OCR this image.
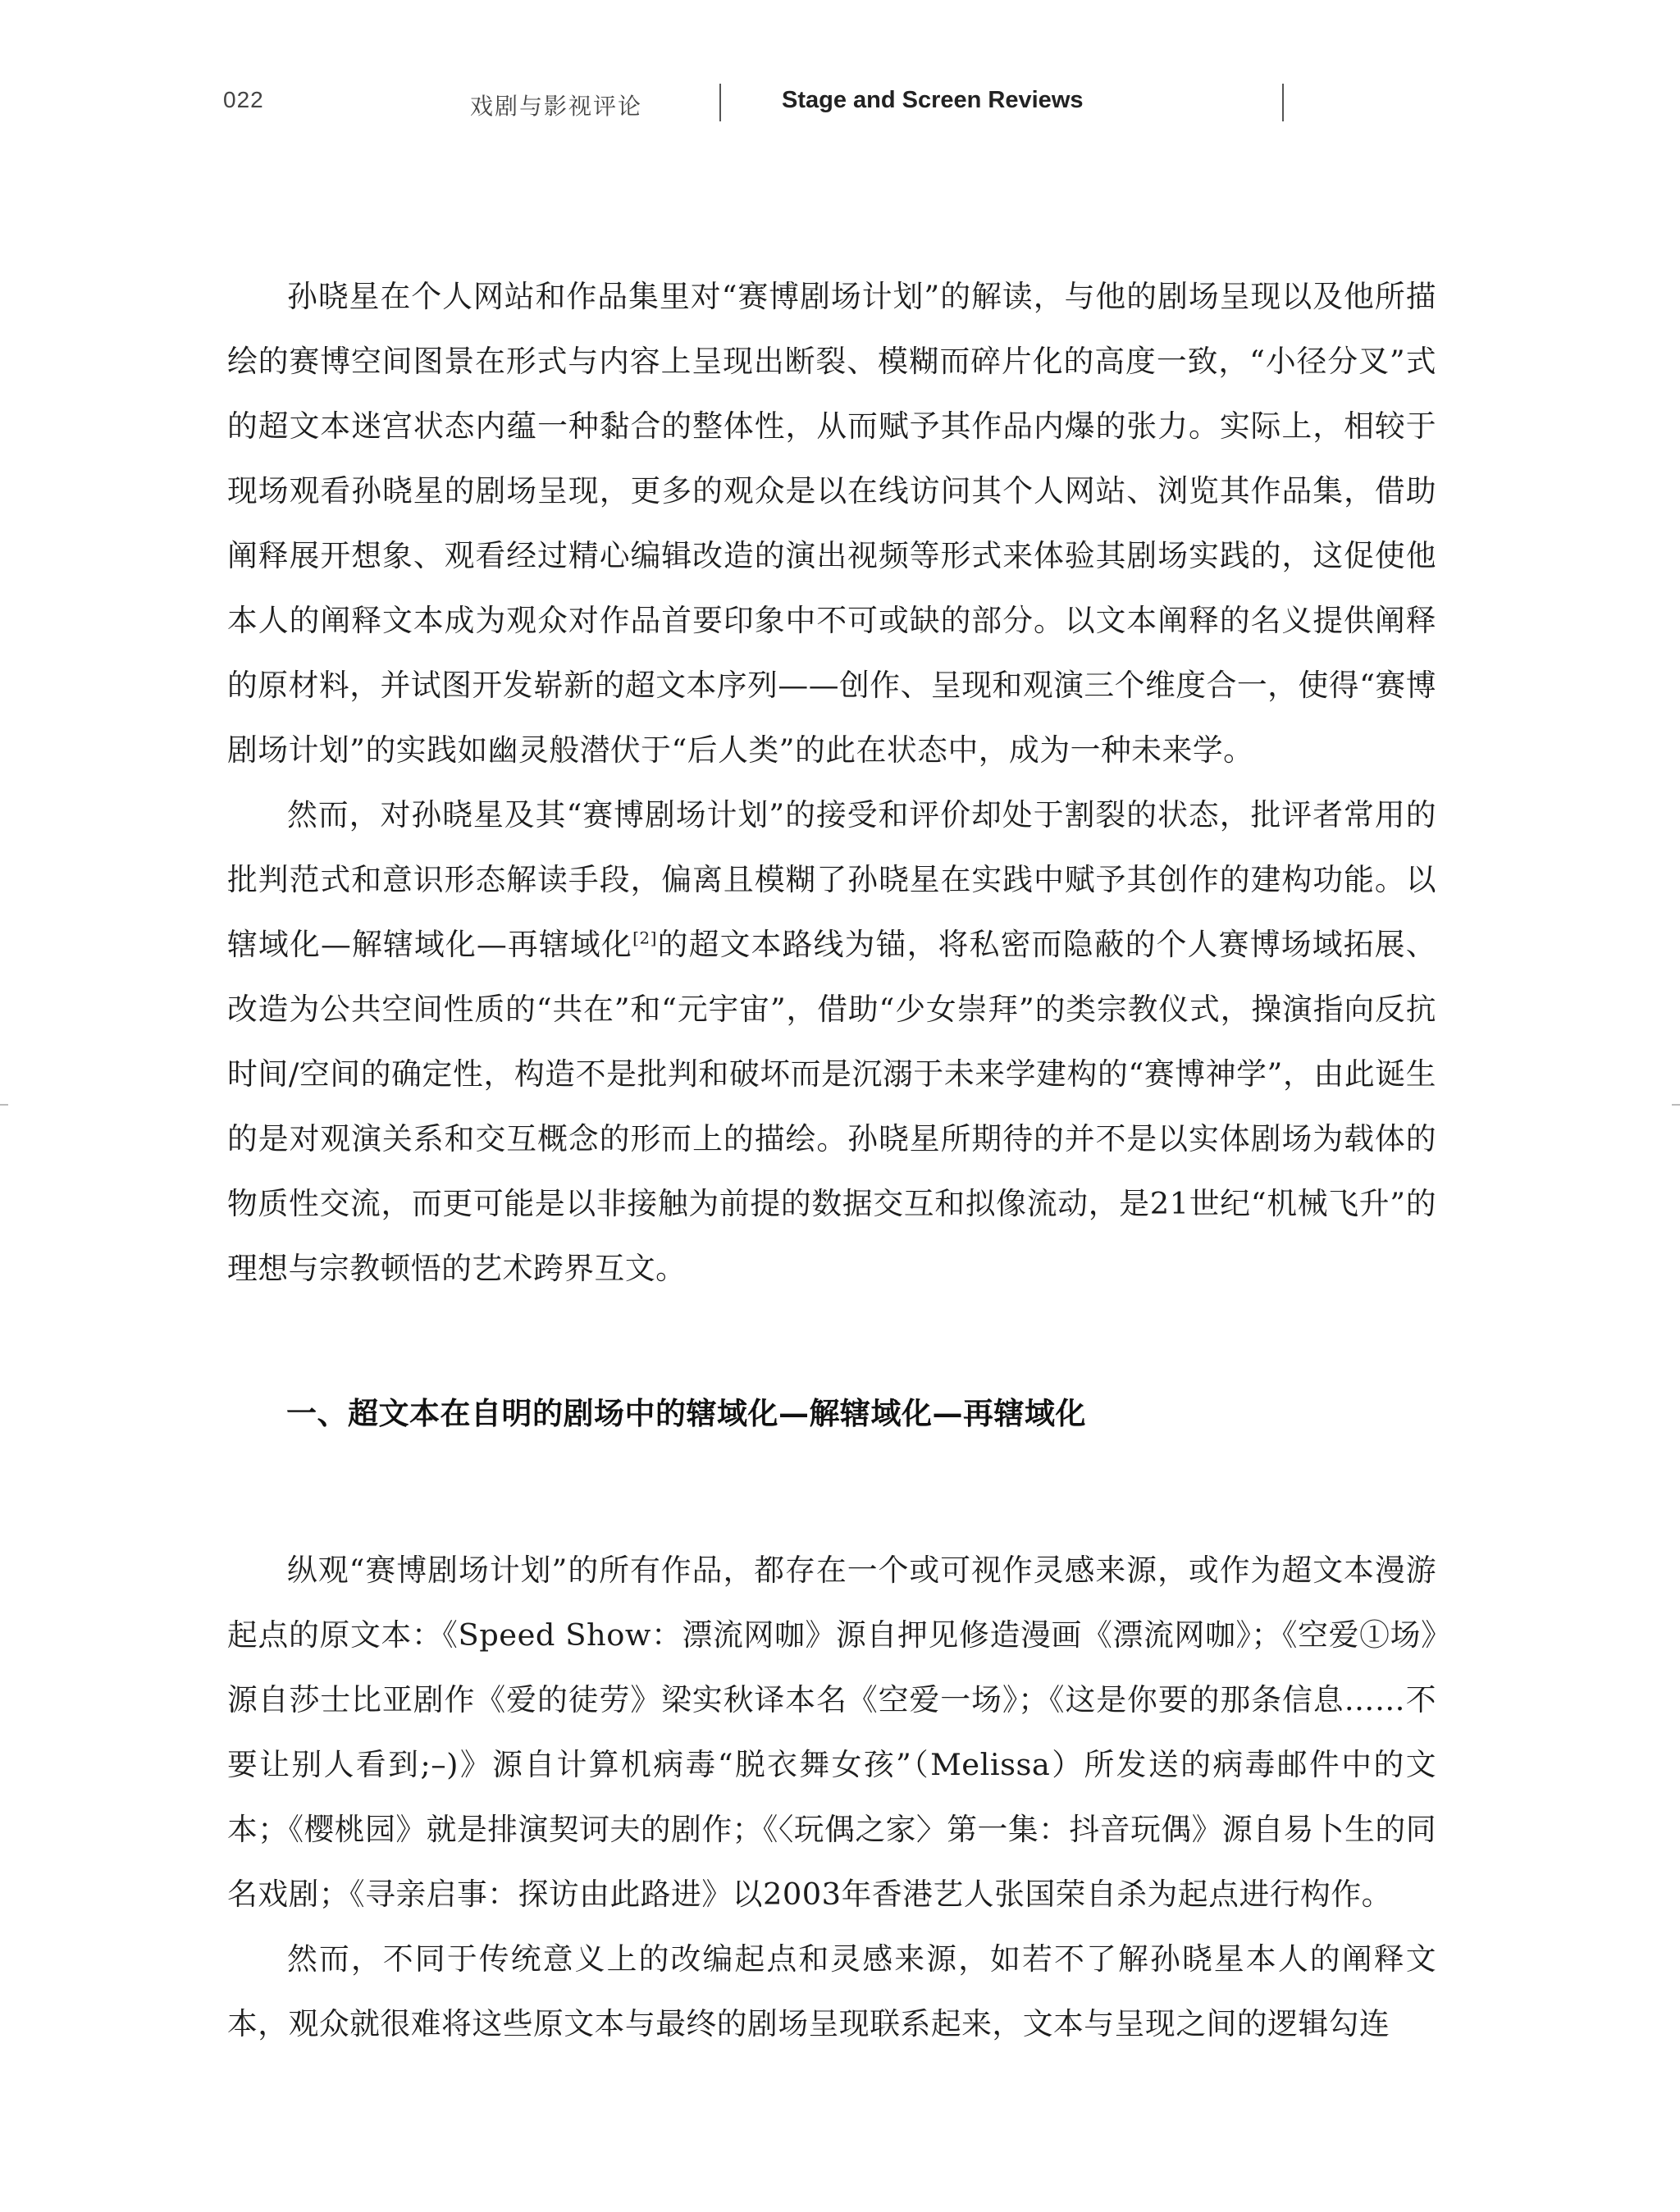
022	戏剧与影视评论	Stage and Screen Reviews

孙晓星在个人网站和作品集里对“赛博剧场计划”的解读，与他的剧场呈现以及他所描绘的赛博空间图景在形式与内容上呈现出断裂、模糊而碎片化的高度一致，“小径分叉”式的超文本迷宫状态内蕴一种黏合的整体性，从而赋予其作品内爆的张力。实际上，相较于现场观看孙晓星的剧场呈现，更多的观众是以在线访问其个人网站、浏览其作品集，借助阐释展开想象、观看经过精心编辑改造的演出视频等形式来体验其剧场实践的，这促使他本人的阐释文本成为观众对作品首要印象中不可或缺的部分。以文本阐释的名义提供阐释的原材料，并试图开发崭新的超文本序列——创作、呈现和观演三个维度合一，使得“赛博剧场计划”的实践如幽灵般潜伏于“后人类”的此在状态中，成为一种未来学。

然而，对孙晓星及其“赛博剧场计划”的接受和评价却处于割裂的状态，批评者常用的批判范式和意识形态解读手段，偏离且模糊了孙晓星在实践中赋予其创作的建构功能。以辖域化—解辖域化—再辖域化[2]的超文本路线为锚，将私密而隐蔽的个人赛博场域拓展、改造为公共空间性质的“共在”和“元宇宙”，借助“少女崇拜”的类宗教仪式，操演指向反抗时间/空间的确定性，构造不是批判和破坏而是沉溺于未来学建构的“赛博神学”，由此诞生的是对观演关系和交互概念的形而上的描绘。孙晓星所期待的并不是以实体剧场为载体的物质性交流，而更可能是以非接触为前提的数据交互和拟像流动，是21世纪“机械飞升”的理想与宗教顿悟的艺术跨界互文。

一、超文本在自明的剧场中的辖域化—解辖域化—再辖域化

纵观“赛博剧场计划”的所有作品，都存在一个或可视作灵感来源，或作为超文本漫游起点的原文本：《Speed Show：漂流网咖》源自押见修造漫画《漂流网咖》；《空爱①场》源自莎士比亚剧作《爱的徒劳》梁实秋译本名《空爱一场》；《这是你要的那条信息……不要让别人看到;–)》源自计算机病毒“脱衣舞女孩”（Melissa）所发送的病毒邮件中的文本；《樱桃园》就是排演契诃夫的剧作；《〈玩偶之家〉第一集：抖音玩偶》源自易卜生的同名戏剧；《寻亲启事：探访由此路进》以2003年香港艺人张国荣自杀为起点进行构作。

然而，不同于传统意义上的改编起点和灵感来源，如若不了解孙晓星本人的阐释文本，观众就很难将这些原文本与最终的剧场呈现联系起来，文本与呈现之间的逻辑勾连
